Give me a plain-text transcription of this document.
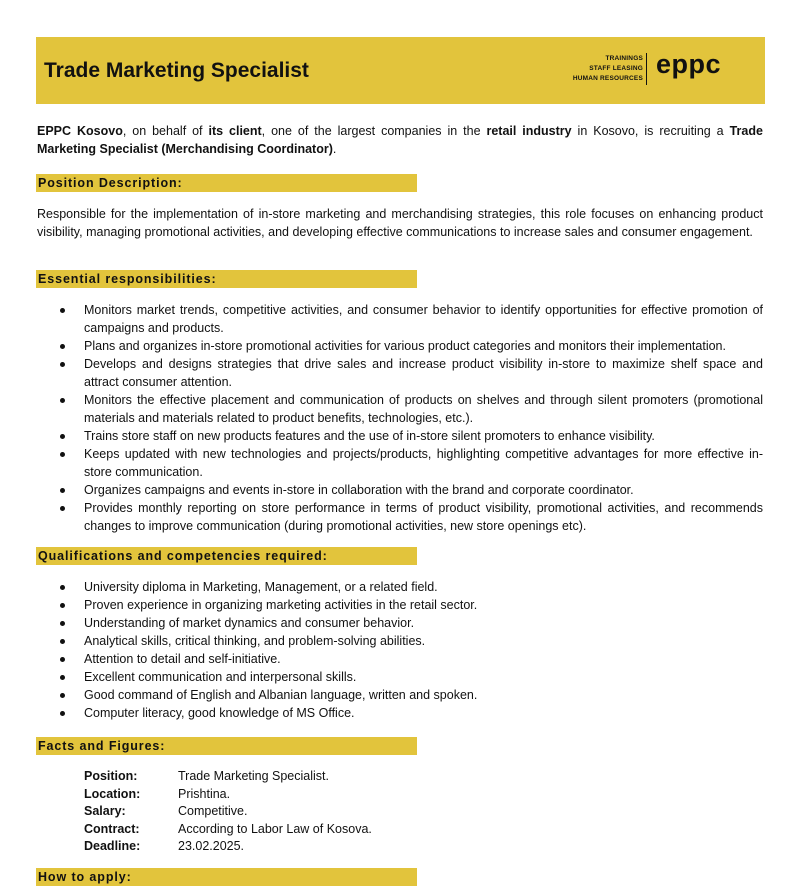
Trade Marketing Specialist
TRAININGS
STAFF LEASING
HUMAN RESOURCES eppc
EPPC Kosovo, on behalf of its client, one of the largest companies in the retail industry in Kosovo, is recruiting a Trade Marketing Specialist (Merchandising Coordinator).
Position Description:
Responsible for the implementation of in-store marketing and merchandising strategies, this role focuses on enhancing product visibility, managing promotional activities, and developing effective communications to increase sales and consumer engagement.
Essential responsibilities:
Monitors market trends, competitive activities, and consumer behavior to identify opportunities for effective promotion of campaigns and products.
Plans and organizes in-store promotional activities for various product categories and monitors their implementation.
Develops and designs strategies that drive sales and increase product visibility in-store to maximize shelf space and attract consumer attention.
Monitors the effective placement and communication of products on shelves and through silent promoters (promotional materials and materials related to product benefits, technologies, etc.).
Trains store staff on new products features and the use of in-store silent promoters to enhance visibility.
Keeps updated with new technologies and projects/products, highlighting competitive advantages for more effective in-store communication.
Organizes campaigns and events in-store in collaboration with the brand and corporate coordinator.
Provides monthly reporting on store performance in terms of product visibility, promotional activities, and recommends changes to improve communication (during promotional activities, new store openings etc).
Qualifications and competencies required:
University diploma in Marketing, Management, or a related field.
Proven experience in organizing marketing activities in the retail sector.
Understanding of market dynamics and consumer behavior.
Analytical skills, critical thinking, and problem-solving abilities.
Attention to detail and self-initiative.
Excellent communication and interpersonal skills.
Good command of English and Albanian language, written and spoken.
Computer literacy, good knowledge of MS Office.
Facts and Figures:
Position:	Trade Marketing Specialist.
Location:	Prishtina.
Salary:	Competitive.
Contract:	According to Labor Law of Kosova.
Deadline:	23.02.2025.
How to apply:
